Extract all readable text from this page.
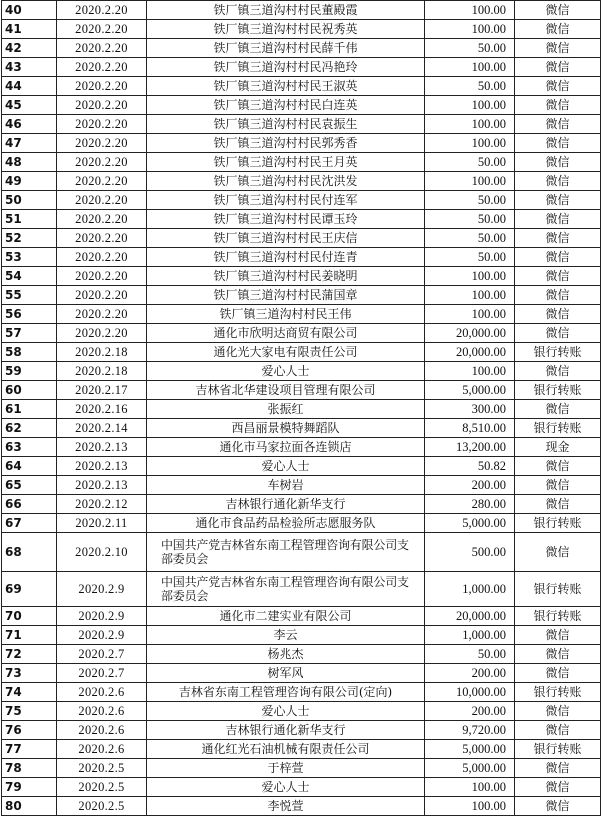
40	2020.2.20	铁厂镇三道沟村村民董殿霞	100.00	微信
41	2020.2.20	铁厂镇三道沟村村民祝秀英	100.00	微信
42	2020.2.20	铁厂镇三道沟村村民薛千伟	50.00	微信
43	2020.2.20	铁厂镇三道沟村村民冯艳玲	100.00	微信
44	2020.2.20	铁厂镇三道沟村村民王淑英	50.00	微信
45	2020.2.20	铁厂镇三道沟村村民白连英	100.00	微信
46	2020.2.20	铁厂镇三道沟村村民袁振生	100.00	微信
47	2020.2.20	铁厂镇三道沟村村民郭秀香	100.00	微信
48	2020.2.20	铁厂镇三道沟村村民王月英	50.00	微信
49	2020.2.20	铁厂镇三道沟村村民沈洪发	100.00	微信
50	2020.2.20	铁厂镇三道沟村村民付连军	50.00	微信
51	2020.2.20	铁厂镇三道沟村村民谭玉玲	50.00	微信
52	2020.2.20	铁厂镇三道沟村村民王庆信	50.00	微信
53	2020.2.20	铁厂镇三道沟村村民付连青	50.00	微信
54	2020.2.20	铁厂镇三道沟村村民姜晓明	100.00	微信
55	2020.2.20	铁厂镇三道沟村村民蒲国章	100.00	微信
56	2020.2.20	铁厂镇三道沟村村民王伟	100.00	微信
57	2020.2.20	通化市欣明达商贸有限公司	20,000.00	微信
58	2020.2.18	通化光大家电有限责任公司	20,000.00	银行转账
59	2020.2.18	爱心人士	100.00	微信
60	2020.2.17	吉林省北华建设项目管理有限公司	5,000.00	银行转账
61	2020.2.16	张振红	300.00	微信
62	2020.2.14	西昌丽景模特舞蹈队	8,510.00	银行转账
63	2020.2.13	通化市马家拉面各连锁店	13,200.00	现金
64	2020.2.13	爱心人士	50.82	微信
65	2020.2.13	车树岩	200.00	微信
66	2020.2.12	吉林银行通化新华支行	280.00	微信
67	2020.2.11	通化市食品药品检验所志愿服务队	5,000.00	银行转账
68	2020.2.10	中国共产党吉林省东南工程管理咨询有限公司支部委员会	500.00	微信
69	2020.2.9	中国共产党吉林省东南工程管理咨询有限公司支部委员会	1,000.00	银行转账
70	2020.2.9	通化市二建实业有限公司	20,000.00	银行转账
71	2020.2.9	李云	1,000.00	微信
72	2020.2.7	杨兆杰	50.00	微信
73	2020.2.7	树军风	200.00	微信
74	2020.2.6	吉林省东南工程管理咨询有限公司(定向)	10,000.00	银行转账
75	2020.2.6	爱心人士	200.00	微信
76	2020.2.6	吉林银行通化新华支行	9,720.00	微信
77	2020.2.6	通化红光石油机械有限责任公司	5,000.00	银行转账
78	2020.2.5	于梓萱	5,000.00	微信
79	2020.2.5	爱心人士	100.00	微信
80	2020.2.5	李悦萱	100.00	微信
